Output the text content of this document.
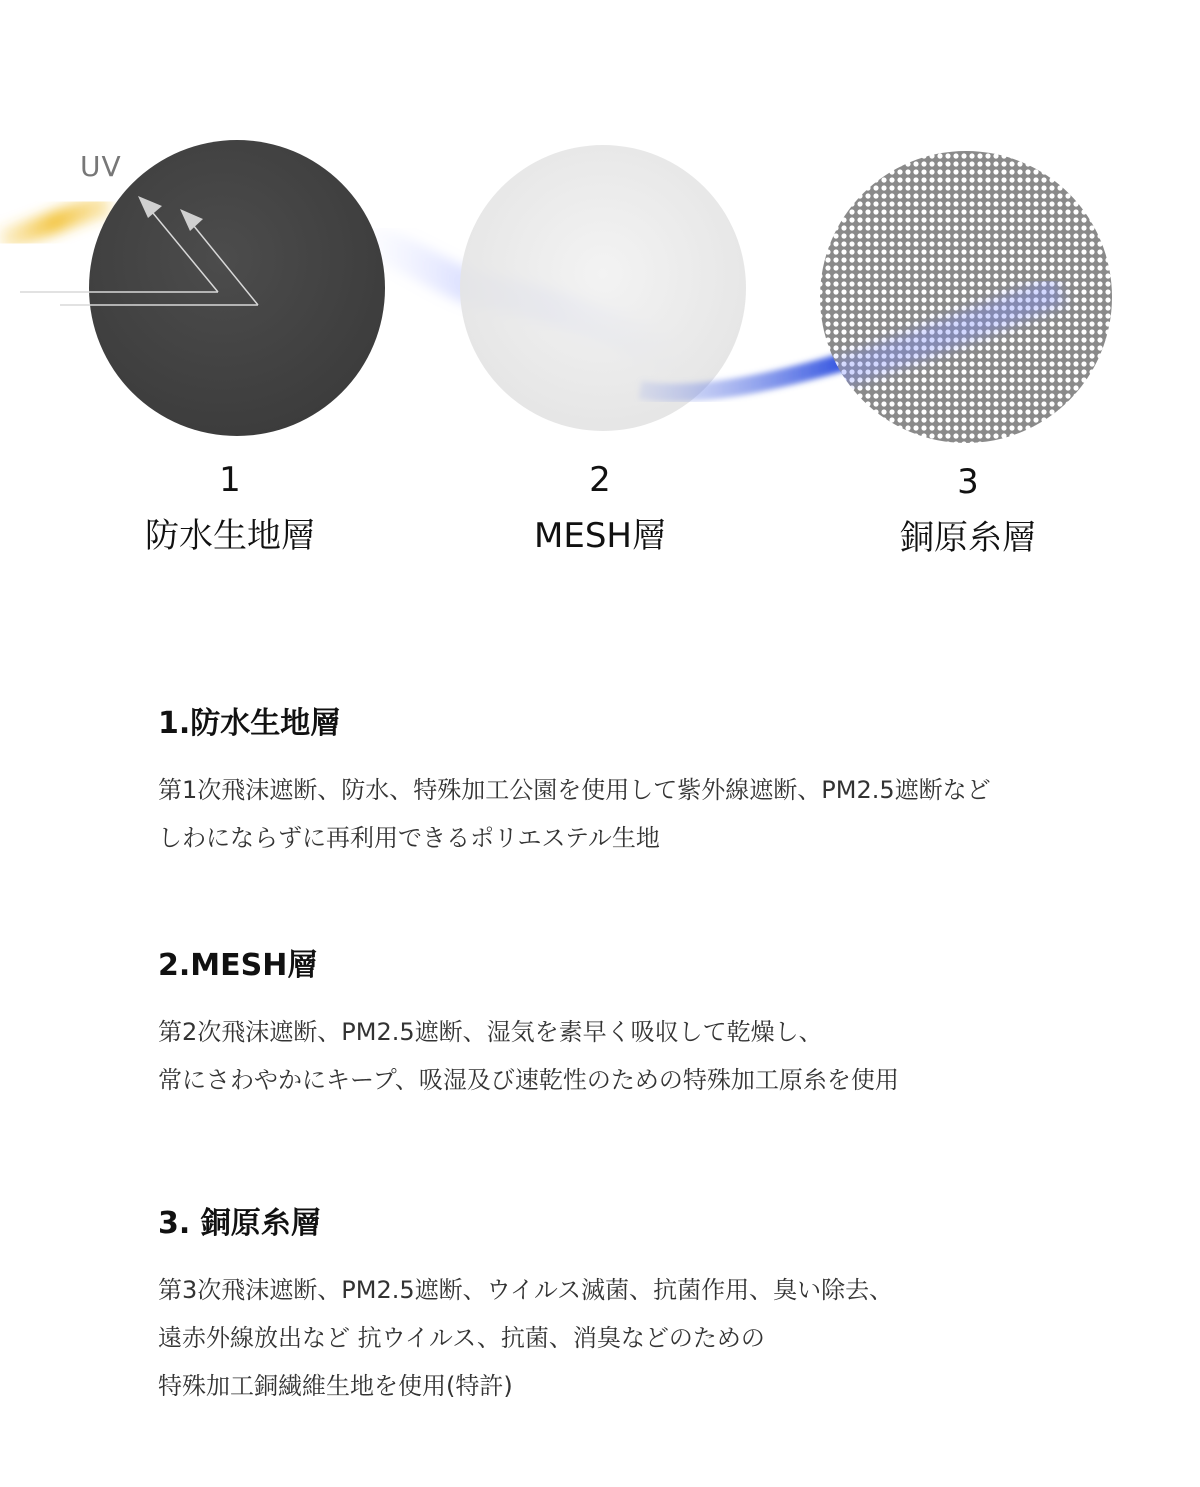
UV
1
防水生地層
2
MESH層
3
銅原糸層
1.防水生地層

第1次飛沫遮断、防水、特殊加工公園を使用して紫外線遮断、PM2.5遮断など
しわにならずに再利用できるポリエステル生地

2.MESH層

第2次飛沫遮断、PM2.5遮断、湿気を素早く吸収して乾燥し、
常にさわやかにキープ、吸湿及び速乾性のための特殊加工原糸を使用

3. 銅原糸層

第3次飛沫遮断、PM2.5遮断、ウイルス滅菌、抗菌作用、臭い除去、
遠赤外線放出など 抗ウイルス、抗菌、消臭などのための
特殊加工銅繊維生地を使用(特許)
